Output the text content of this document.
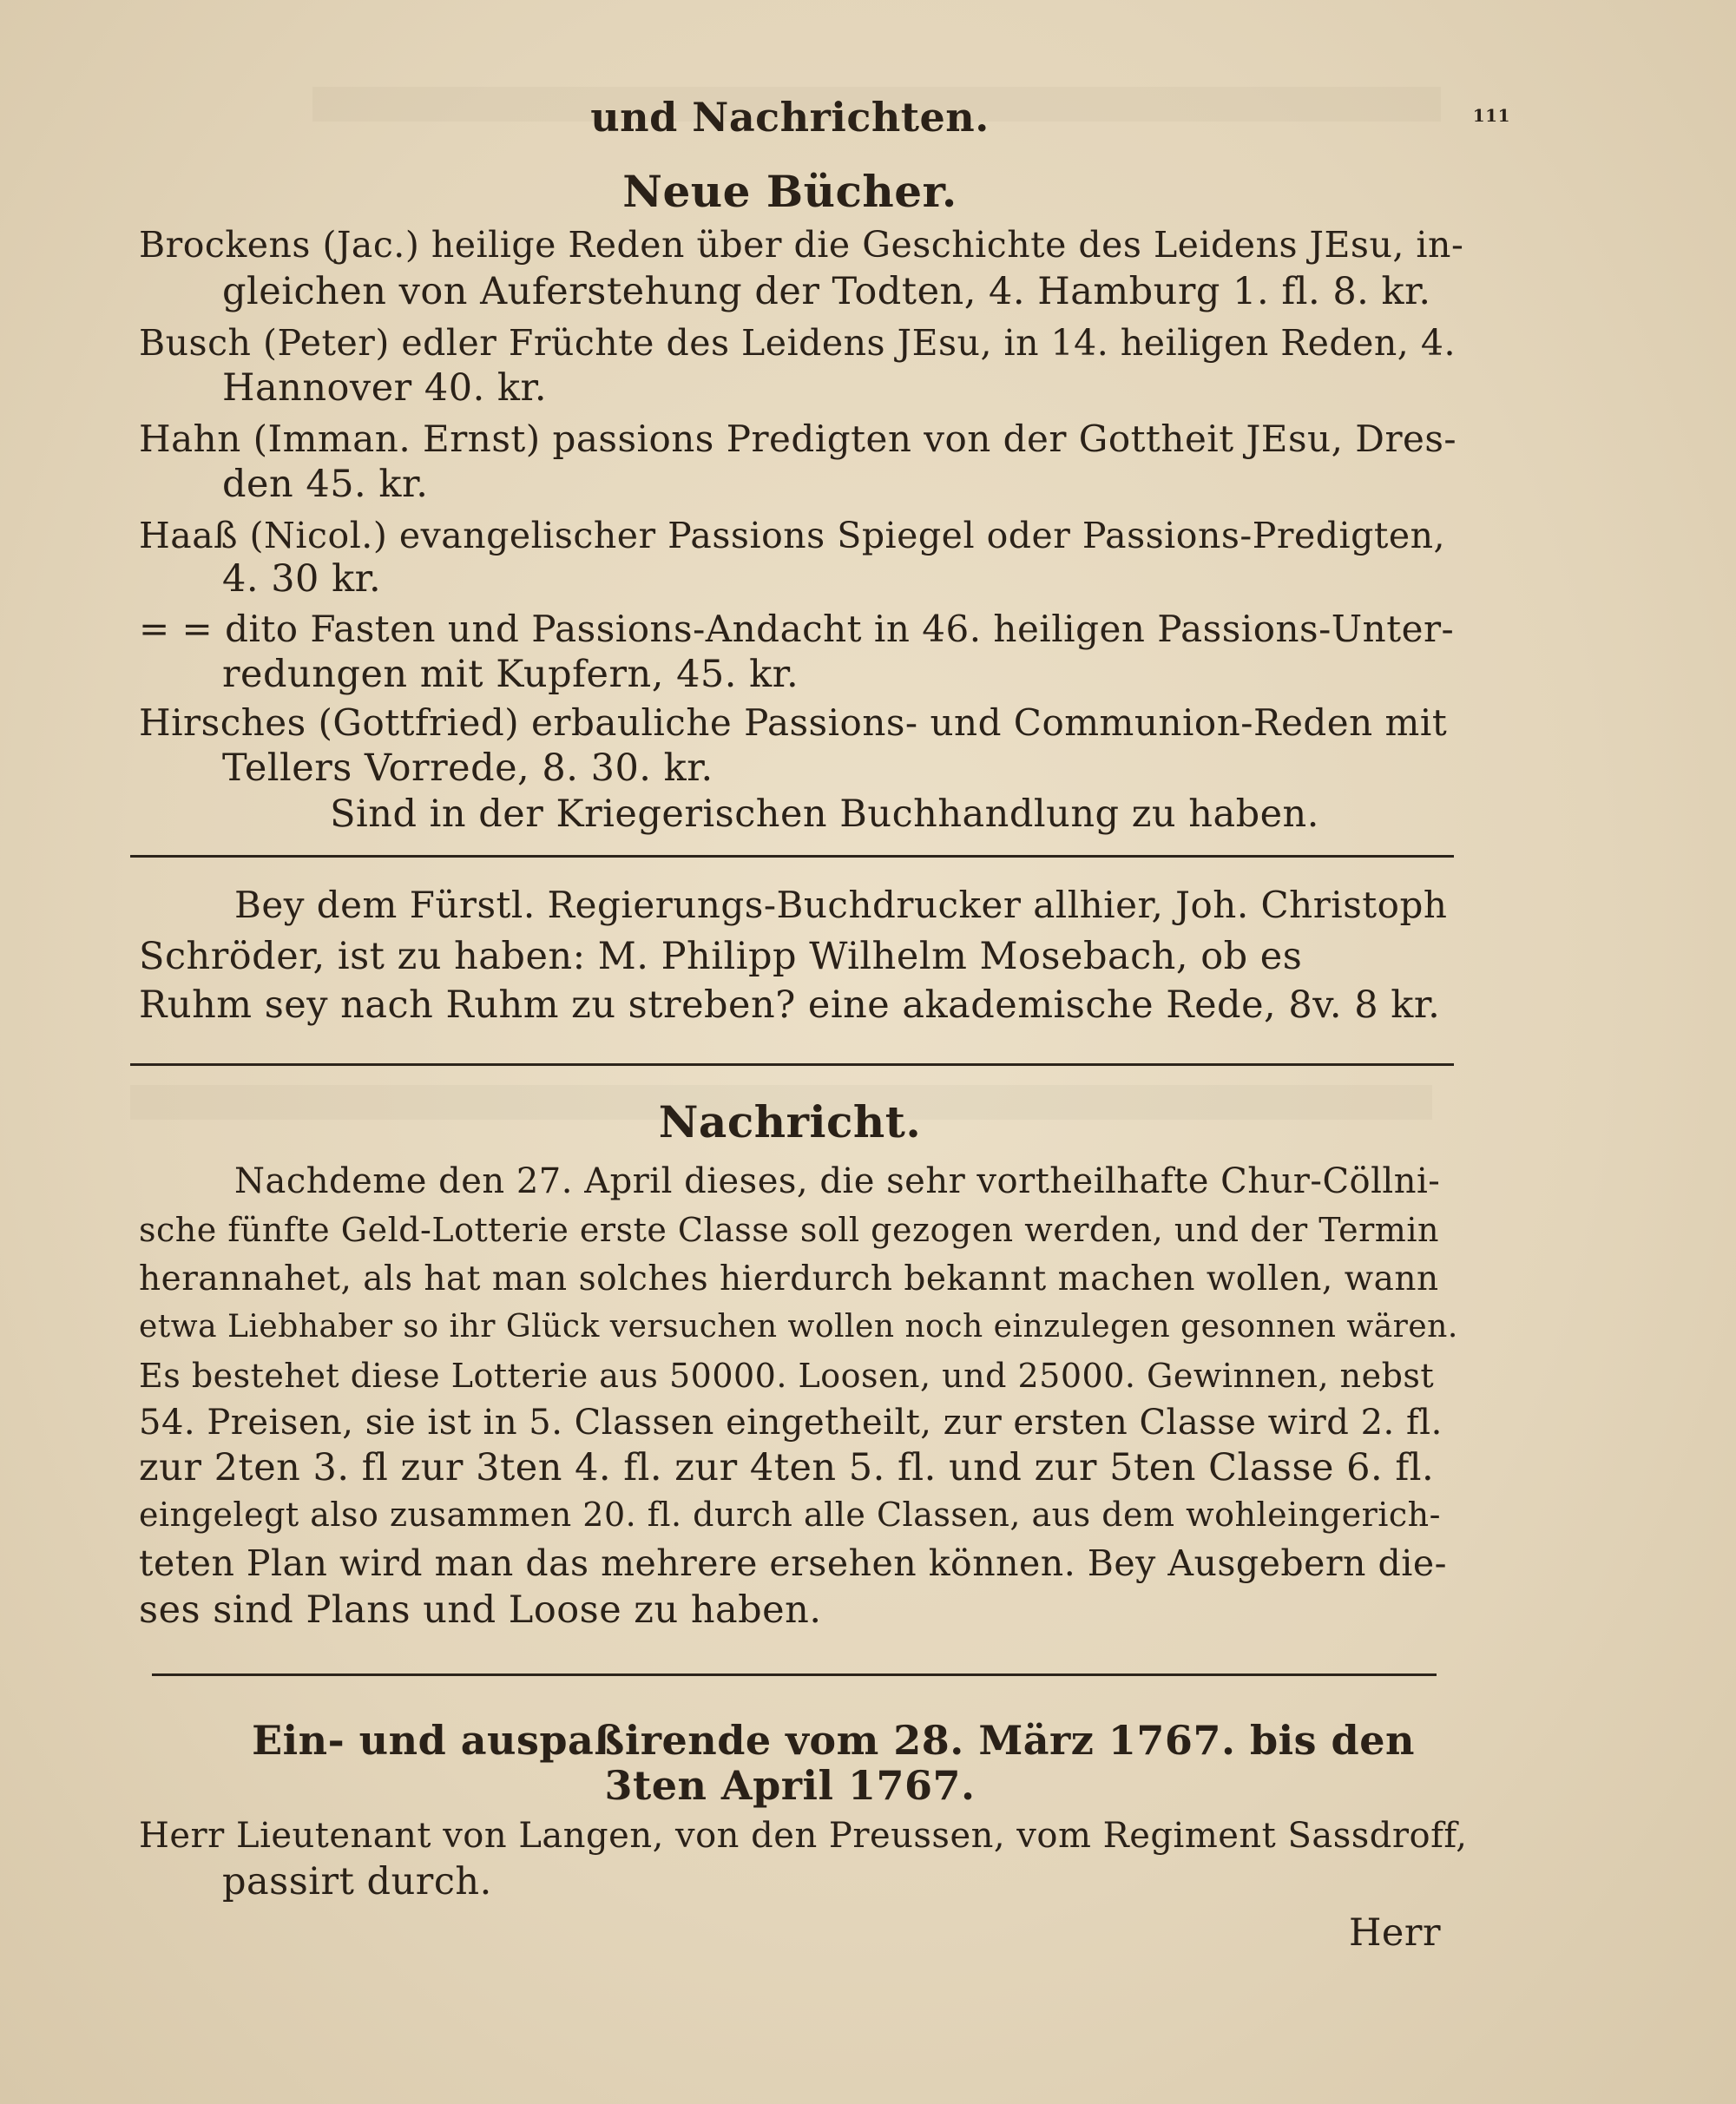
und Nachrichten.	111
Neue Bücher.
Brockens (Jac.) heilige Reden über die Geschichte des Leidens JEsu, in-
gleichen von Auferstehung der Todten, 4. Hamburg 1. fl. 8. kr.
Busch (Peter) edler Früchte des Leidens JEsu, in 14. heiligen Reden, 4.
Hannover 40. kr.
Hahn (Imman. Ernst) passions Predigten von der Gottheit JEsu, Dres-
den 45. kr.
Haaß (Nicol.) evangelischer Passions Spiegel oder Passions-Predigten,
4. 30 kr.
= = dito Fasten und Passions-Andacht in 46. heiligen Passions-Unter-
redungen mit Kupfern, 45. kr.
Hirsches (Gottfried) erbauliche Passions- und Communion-Reden mit
Tellers Vorrede, 8. 30. kr.
Sind in der Kriegerischen Buchhandlung zu haben.
Bey dem Fürstl. Regierungs-Buchdrucker allhier, Joh. Christoph
Schröder, ist zu haben: M. Philipp Wilhelm Mosebach, ob es
Ruhm sey nach Ruhm zu streben? eine akademische Rede, 8v. 8 kr.
Nachricht.
Nachdeme den 27. April dieses, die sehr vortheilhafte Chur-Cöllni-
sche fünfte Geld-Lotterie erste Classe soll gezogen werden, und der Termin
herannahet, als hat man solches hierdurch bekannt machen wollen, wann
etwa Liebhaber so ihr Glück versuchen wollen noch einzulegen gesonnen wären.
Es bestehet diese Lotterie aus 50000. Loosen, und 25000. Gewinnen, nebst
54. Preisen, sie ist in 5. Classen eingetheilt, zur ersten Classe wird 2. fl.
zur 2ten 3. fl zur 3ten 4. fl. zur 4ten 5. fl. und zur 5ten Classe 6. fl.
eingelegt also zusammen 20. fl. durch alle Classen, aus dem wohleingerich-
teten Plan wird man das mehrere ersehen können. Bey Ausgebern die-
ses sind Plans und Loose zu haben.
Ein- und auspaßirende vom 28. März 1767. bis den
3ten April 1767.
Herr Lieutenant von Langen, von den Preussen, vom Regiment Sassdroff,
passirt durch.
Herr
